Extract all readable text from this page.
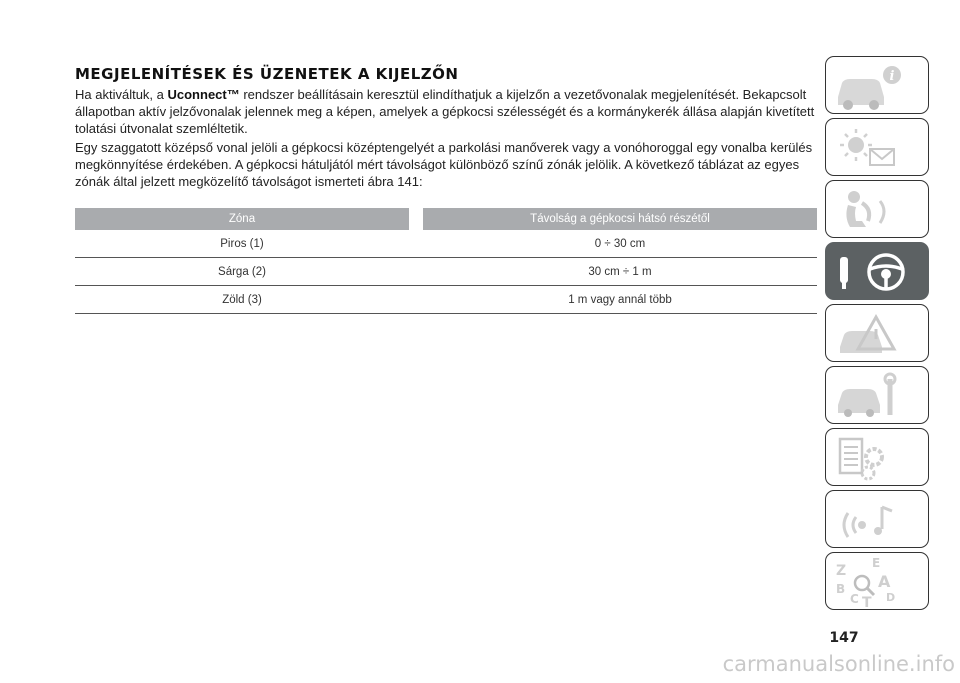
MEGJELENÍTÉSEK ÉS ÜZENETEK A KIJELZŐN

Ha aktiváltuk, a Uconnect™ rendszer beállításain keresztül elindíthatjuk a kijelzőn a vezetővonalak megjelenítését. Bekapcsolt állapotban aktív jelzővonalak jelennek meg a képen, amelyek a gépkocsi szélességét és a kormánykerék állása alapján kivetített tolatási útvonalat szemléltetik.

Egy szaggatott középső vonal jelöli a gépkocsi középtengelyét a parkolási manőverek vagy a vonóhoroggal egy vonalba kerülés megkönnyítése érdekében. A gépkocsi hátuljától mért távolságot különböző színű zónák jelölik. A következő táblázat az egyes zónák által jelzett megközelítő távolságot ismerteti ábra 141:

Zóna		Távolság a gépkocsi hátsó részétől
Piros (1)		0 ÷ 30 cm
Sárga (2)		30 cm ÷ 1 m
Zöld (3)		1 m vagy annál több
i
Z E
A
B
C T D
147
carmanualsonline.info
